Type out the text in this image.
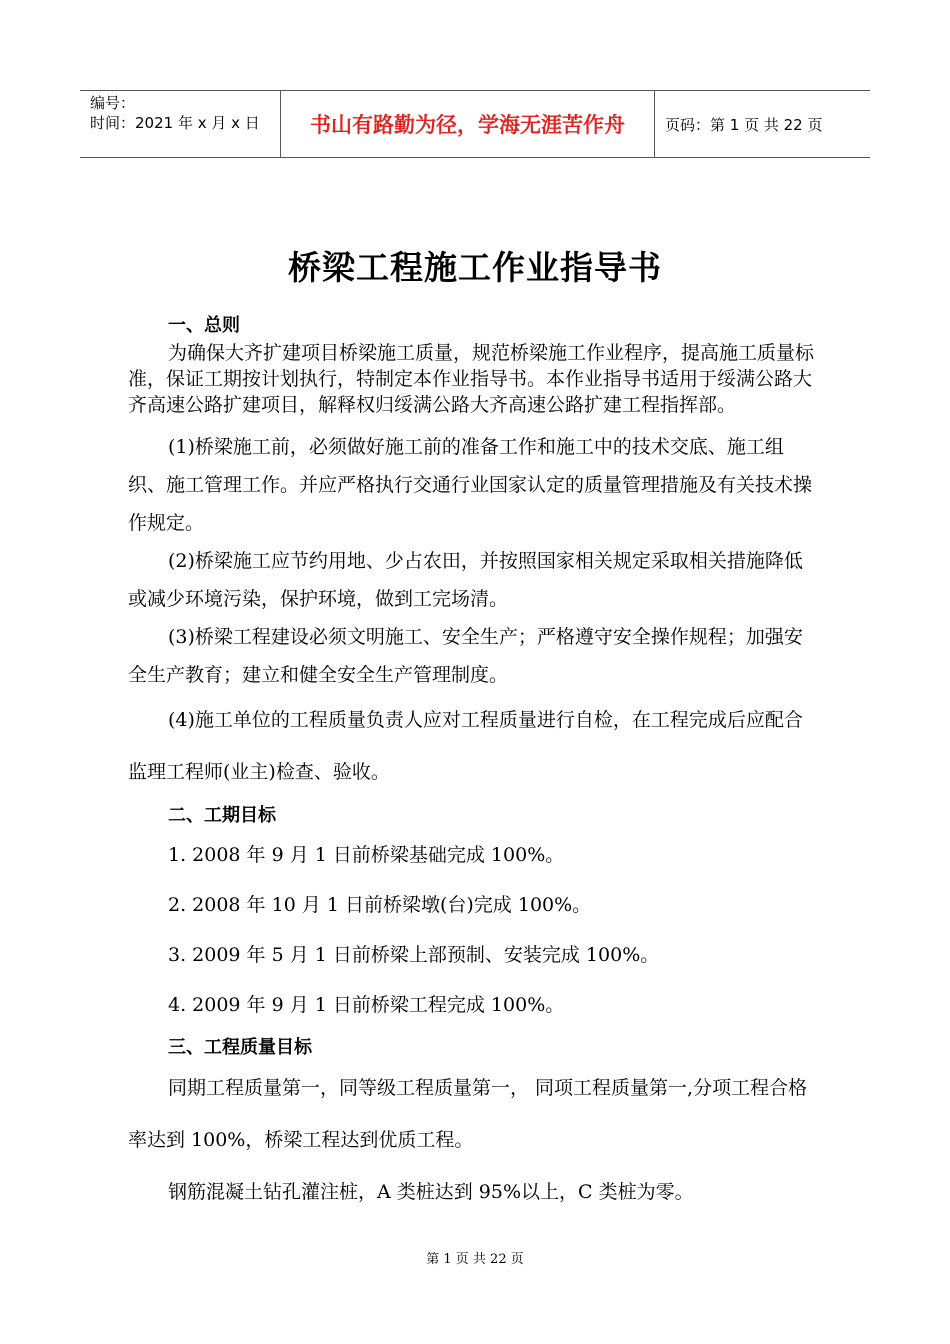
编号：
时间：2021 年 x 月 x 日	书山有路勤为径，学海无涯苦作舟	页码：第 1 页 共 22 页
桥梁工程施工作业指导书
一、总则

为确保大齐扩建项目桥梁施工质量，规范桥梁施工作业程序，提高施工质量标准，保证工期按计划执行，特制定本作业指导书。本作业指导书适用于绥满公路大齐高速公路扩建项目，解释权归绥满公路大齐高速公路扩建工程指挥部。

(1)桥梁施工前，必须做好施工前的准备工作和施工中的技术交底、施工组织、施工管理工作。并应严格执行交通行业国家认定的质量管理措施及有关技术操作规定。

(2)桥梁施工应节约用地、少占农田，并按照国家相关规定采取相关措施降低或减少环境污染，保护环境，做到工完场清。

(3)桥梁工程建设必须文明施工、安全生产；严格遵守安全操作规程；加强安全生产教育；建立和健全安全生产管理制度。

(4)施工单位的工程质量负责人应对工程质量进行自检，在工程完成后应配合监理工程师(业主)检查、验收。

二、工期目标

1. 2008 年 9 月 1 日前桥梁基础完成 100%。

2. 2008 年 10 月 1 日前桥梁墩(台)完成 100%。

3. 2009 年 5 月 1 日前桥梁上部预制、安装完成 100%。

4. 2009 年 9 月 1 日前桥梁工程完成 100%。

三、工程质量目标

同期工程质量第一，同等级工程质量第一， 同项工程质量第一,分项工程合格率达到 100%，桥梁工程达到优质工程。

钢筋混凝土钻孔灌注桩，A 类桩达到 95%以上，C 类桩为零。

第 1 页 共 22 页
